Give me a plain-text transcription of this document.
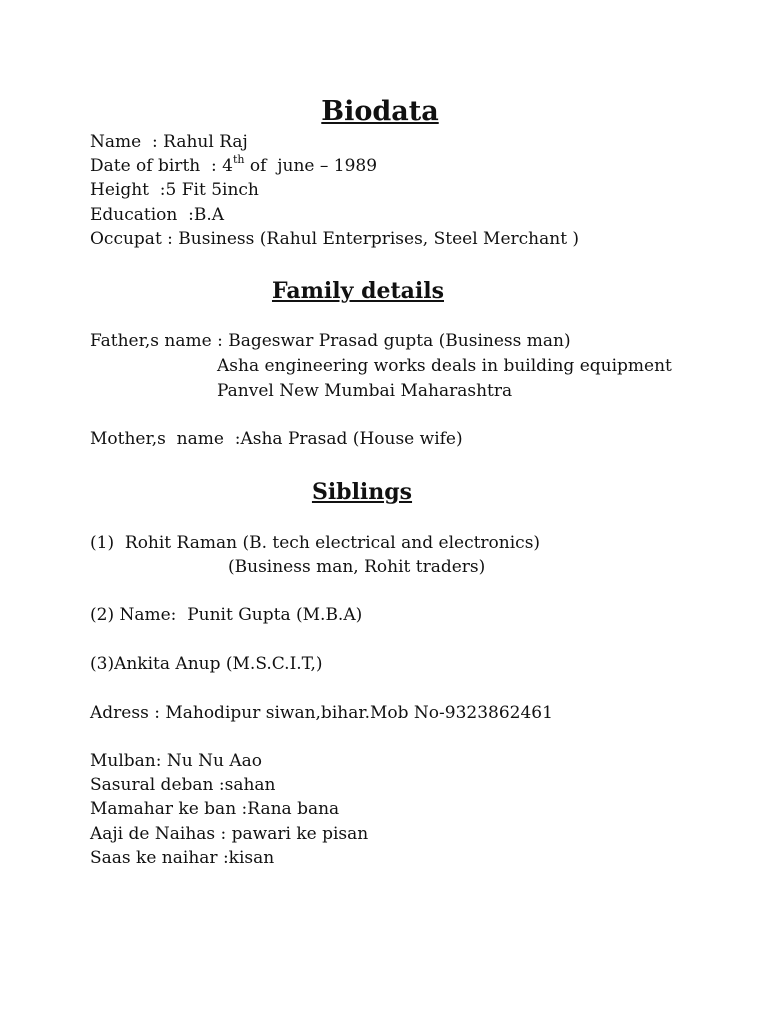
Biodata
Name  : Rahul Raj
Date of birth  : 4th of  june – 1989
Height  :5 Fit 5inch
Education  :B.A
Occupat : Business (Rahul Enterprises, Steel Merchant )
Family details
Father,s name : Bageswar Prasad gupta (Business man)
Asha engineering works deals in building equipment
Panvel New Mumbai Maharashtra
Mother,s  name  :Asha Prasad (House wife)
Siblings
(1)  Rohit Raman (B. tech electrical and electronics)
(Business man, Rohit traders)
(2) Name:  Punit Gupta (M.B.A)
(3)Ankita Anup (M.S.C.I.T,)
Adress : Mahodipur siwan,bihar.Mob No-9323862461
Mulban: Nu Nu Aao
Sasural deban :sahan
Mamahar ke ban :Rana bana
Aaji de Naihas : pawari ke pisan
Saas ke naihar :kisan
